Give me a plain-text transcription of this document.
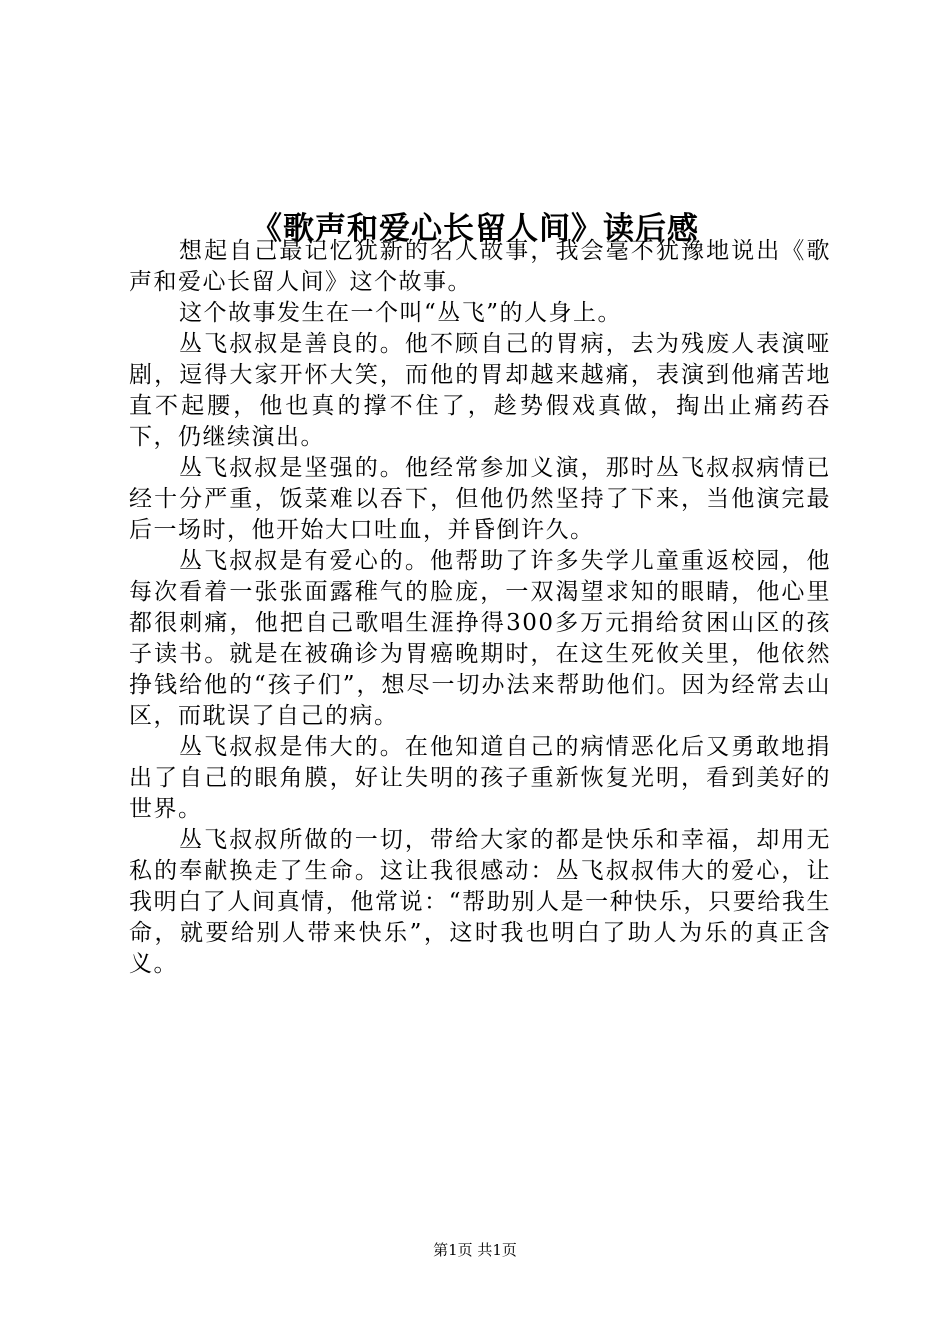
《歌声和爱心长留人间》读后感

想起自己最记忆犹新的名人故事，我会毫不犹豫地说出《歌声和爱心长留人间》这个故事。

这个故事发生在一个叫“丛飞”的人身上。

丛飞叔叔是善良的。他不顾自己的胃病，去为残废人表演哑剧，逗得大家开怀大笑，而他的胃却越来越痛，表演到他痛苦地直不起腰，他也真的撑不住了，趁势假戏真做，掏出止痛药吞下，仍继续演出。

丛飞叔叔是坚强的。他经常参加义演，那时丛飞叔叔病情已经十分严重，饭菜难以吞下，但他仍然坚持了下来，当他演完最后一场时，他开始大口吐血，并昏倒许久。

丛飞叔叔是有爱心的。他帮助了许多失学儿童重返校园，他每次看着一张张面露稚气的脸庞，一双渴望求知的眼睛，他心里都很刺痛，他把自己歌唱生涯挣得300多万元捐给贫困山区的孩子读书。就是在被确诊为胃癌晚期时，在这生死攸关里，他依然挣钱给他的“孩子们”，想尽一切办法来帮助他们。因为经常去山区，而耽误了自己的病。

丛飞叔叔是伟大的。在他知道自己的病情恶化后又勇敢地捐出了自己的眼角膜，好让失明的孩子重新恢复光明，看到美好的世界。

丛飞叔叔所做的一切，带给大家的都是快乐和幸福，却用无私的奉献换走了生命。这让我很感动：丛飞叔叔伟大的爱心，让我明白了人间真情，他常说：“帮助别人是一种快乐，只要给我生命，就要给别人带来快乐”，这时我也明白了助人为乐的真正含义。

第1页 共1页
